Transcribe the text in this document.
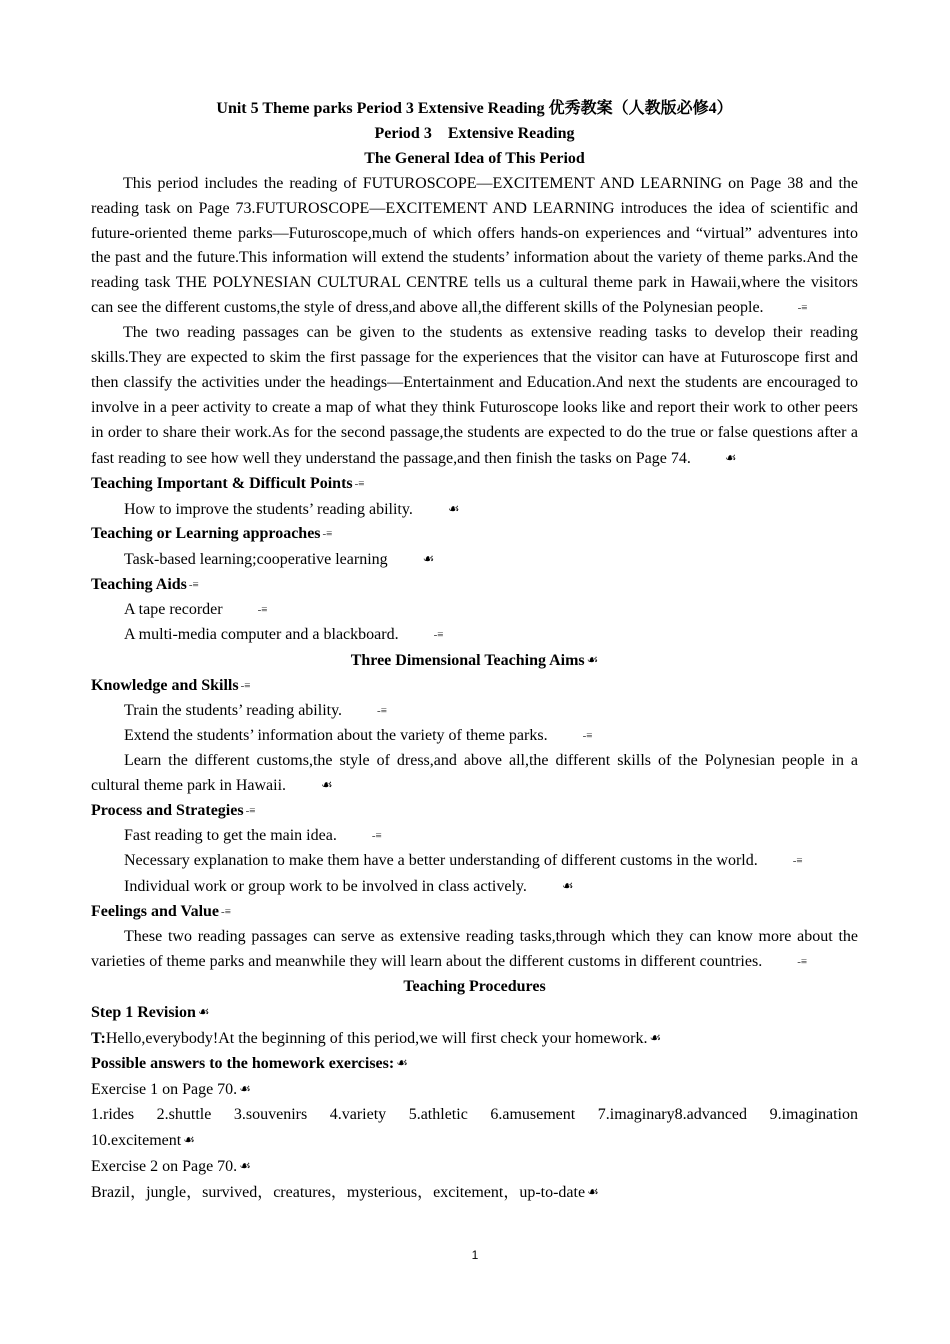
Unit 5 Theme parks Period 3 Extensive Reading 优秀教案（人教版必修4）

Period 3    Extensive Reading

The General Idea of This Period

This period includes the reading of FUTUROSCOPE—EXCITEMENT AND LEARNING on Page 38 and the reading task on Page 73.FUTUROSCOPE—EXCITEMENT AND LEARNING introduces the idea of scientific and future-oriented theme parks—Futuroscope,much of which offers hands-on experiences and “virtual” adventures into the past and the future.This information will extend the students’ information about the variety of theme parks.And the reading task THE POLYNESIAN CULTURAL CENTRE tells us a cultural theme park in Hawaii,where the visitors can see the different customs,the style of dress,and above all,the different skills of the Polynesian people.	-≡

The two reading passages can be given to the students as extensive reading tasks to develop their reading skills.They are expected to skim the first passage for the experiences that the visitor can have at Futuroscope first and then classify the activities under the headings—Entertainment and Education.And next the students are encouraged to involve in a peer activity to create a map of what they think Futuroscope looks like and report their work to other peers in order to share their work.As for the second passage,the students are expected to do the true or false questions after a fast reading to see how well they understand the passage,and then finish the tasks on Page 74.	☙

Teaching Important & Difficult Points -≡

How to improve the students’ reading ability.	☙

Teaching or Learning approaches -≡

Task-based learning;cooperative learning	☙

Teaching Aids -≡

A tape recorder	-≡

A multi-media computer and a blackboard.	-≡

Three Dimensional Teaching Aims ☙

Knowledge and Skills -≡

Train the students’ reading ability.	-≡

Extend the students’ information about the variety of theme parks.	-≡

Learn the different customs,the style of dress,and above all,the different skills of the Polynesian people in a cultural theme park in Hawaii.	☙

Process and Strategies -≡

Fast reading to get the main idea.	-≡

Necessary explanation to make them have a better understanding of different customs in the world.	-≡

Individual work or group work to be involved in class actively.	☙

Feelings and Value -≡

These two reading passages can serve as extensive reading tasks,through which they can know more about the varieties of theme parks and meanwhile they will learn about the different customs in different countries.	-≡

Teaching Procedures

Step 1 Revision ☙

T:Hello,everybody!At the beginning of this period,we will first check your homework. ☙

Possible answers to the homework exercises: ☙

Exercise 1 on Page 70. ☙

1.rides   2.shuttle   3.souvenirs   4.variety   5.athletic   6.amusement   7.imaginary8.advanced   9.imagination

10.excitement ☙

Exercise 2 on Page 70. ☙

Brazil，jungle，survived，creatures，mysterious，excitement，up-to-date ☙

1
